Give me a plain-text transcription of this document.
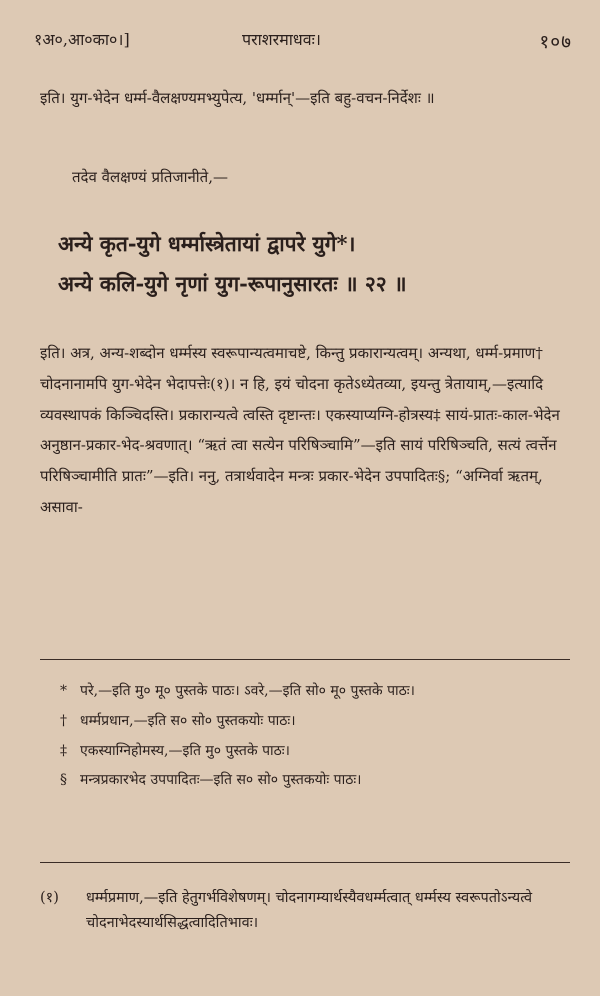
१अ०,आ०का०।]	पराशरमाधवः।	१०७
इति। युग-भेदेन धर्म्म-वैलक्षण्यमभ्युपेत्य, 'धर्म्मान्'—इति बहु-वचन-निर्देशः ॥
तदेव वैलक्षण्यं प्रतिजानीते,—
अन्ये कृत-युगे धर्म्मास्त्रेतायां द्वापरे युगे*।
अन्ये कलि-युगे नृणां युग-रूपानुसारतः ॥ २२ ॥
इति। अत्र, अन्य-शब्दोन धर्म्मस्य स्वरूपान्यत्वमाचष्टे, किन्तु प्रकारान्यत्वम्। अन्यथा, धर्म्म-प्रमाण† चोदनानामपि युग-भेदेन भेदापत्तेः(१)। न हि, इयं चोदना कृतेऽध्येतव्या, इयन्तु त्रेतायाम्,—इत्यादि व्यवस्थापकं किञ्चिदस्ति। प्रकारान्यत्वे त्वस्ति दृष्टान्तः। एकस्याप्यग्नि-होत्रस्य‡ सायं-प्रातः-काल-भेदेन अनुष्ठान-प्रकार-भेद-श्रवणात्। “ऋतं त्वा सत्येन परिषिञ्चामि”—इति सायं परिषिञ्चति, सत्यं त्वर्त्तेन परिषिञ्चामीति प्रातः”—इति। ननु, तत्रार्थवादेन मन्त्रः प्रकार-भेदेन उपपादितः§; “अग्निर्वा ऋतम्, असावा-
* परे,—इति मु० मू० पुस्तके पाठः। ऽवरे,—इति सो० मू० पुस्तके पाठः।
† धर्म्मप्रधान,—इति स० सो० पुस्तकयोः पाठः।
‡ एकस्याग्निहोमस्य,—इति मु० पुस्तके पाठः।
§ मन्त्रप्रकारभेद उपपादितः—इति स० सो० पुस्तकयोः पाठः।
(१)	धर्म्मप्रमाण,—इति हेतुगर्भविशेषणम्। चोदनागम्यार्थस्यैवधर्म्मत्वात् धर्म्मस्य स्वरूपतोऽन्यत्वे चोदनाभेदस्यार्थसिद्धत्वादितिभावः।
